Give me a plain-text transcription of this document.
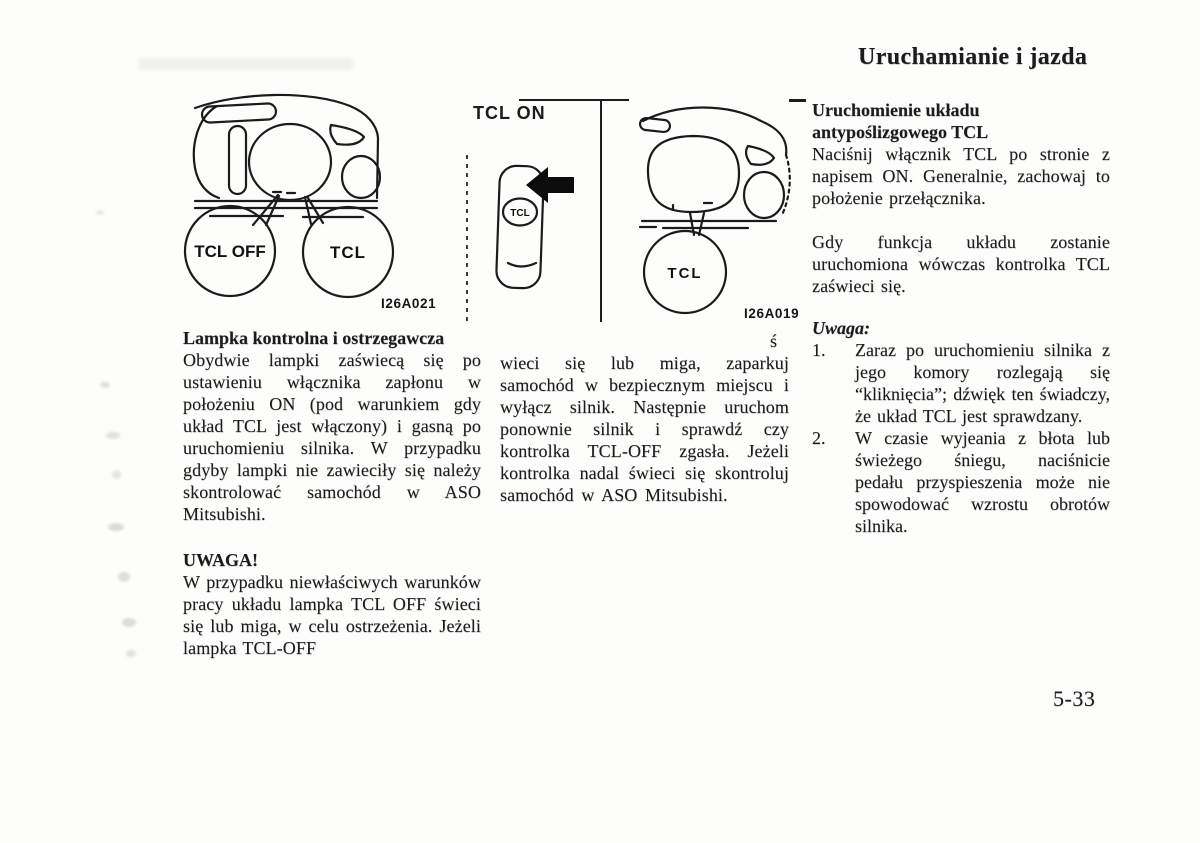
Uruchamianie i jazda
TCL OFF	TCL
I26A021
TCL ON
TCL
TCL
I26A019
Lampka kontrolna i ostrzegawcza
Obydwie lampki zaświecą się po ustawieniu włącznika zapłonu w położeniu ON (pod warunkiem gdy układ TCL jest włączony) i gasną po uruchomieniu silnika. W przypadku gdyby lampki nie zawieciły się należy skontrolować samochód w ASO Mitsubishi.
UWAGA!
W przypadku niewłaściwych warunków pracy układu lampka TCL OFF świeci się lub miga, w celu ostrzeżenia. Jeżeli lampka TCL-OFF
ś
wieci się lub miga, zaparkuj samochód w bezpiecznym miejscu i wyłącz silnik. Następnie uruchom ponownie silnik i sprawdź czy kontrolka TCL-OFF zgasła. Jeżeli kontrolka nadal świeci się skontroluj samochód w ASO Mitsubishi.
Uruchomienie układu
antypoślizgowego TCL
Naciśnij włącznik TCL po stronie z napisem ON. Generalnie, zachowaj to położenie przełącznika.
Gdy funkcja układu zostanie uruchomiona wówczas kontrolka TCL zaświeci się.
Uwaga:
1.	Zaraz po uruchomieniu silnika z jego komory rozlegają się “kliknięcia”; dźwięk ten świadczy, że układ TCL jest sprawdzany.
2.	W czasie wyjeania z błota lub świeżego śniegu, naciśnicie pedału przyspieszenia może nie spowodować wzrostu obrotów silnika.
5-33
